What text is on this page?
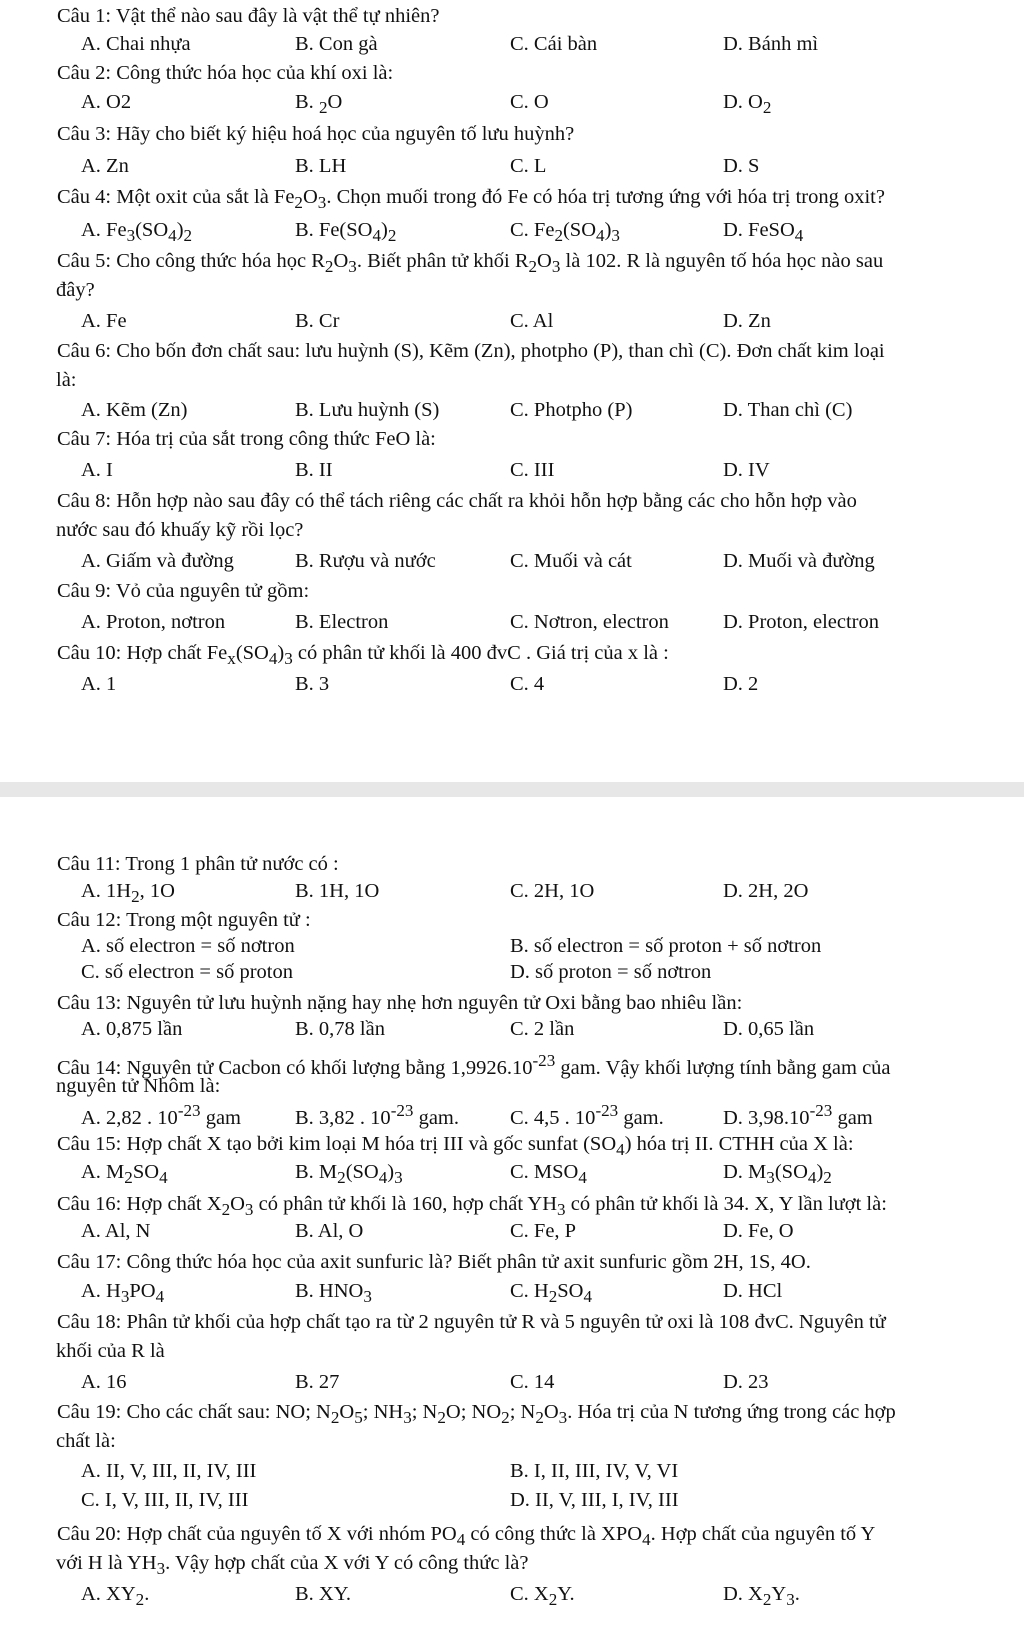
Câu 1: Vật thể nào sau đây là vật thể tự nhiên?
A. Chai nhựa	B. Con gà	C. Cái bàn	D. Bánh mì
Câu 2: Công thức hóa học của khí oxi là:
A. O2	B. $_2$O	C. O	D. $O_2$
Câu 3: Hãy cho biết ký hiệu hoá học của nguyên tố lưu huỳnh?
A. Zn	B. LH	C. L	D. S
Câu 4: Một oxit của sắt là $Fe_2O_3$. Chọn muối trong đó Fe có hóa trị tương ứng với hóa trị trong oxit?
A. $Fe_3(SO_4)_2$	B. $Fe(SO_4)_2$	C. $Fe_2(SO_4)_3$	D. FeSO$_4$
Câu 5: Cho công thức hóa học $R_2O_3$. Biết phân tử khối $R_2O_3$ là 102. R là nguyên tố hóa học nào sau
đây?
A. Fe	B. Cr	C. Al	D. Zn
Câu 6: Cho bốn đơn chất sau: lưu huỳnh (S), Kẽm (Zn), photpho (P), than chì (C). Đơn chất kim loại
là:
A. Kẽm (Zn)	B. Lưu huỳnh (S)	C. Photpho (P)	D. Than chì (C)
Câu 7: Hóa trị của sắt trong công thức FeO là:
A. I	B. II	C. III	D. IV
Câu 8: Hỗn hợp nào sau đây có thể tách riêng các chất ra khỏi hỗn hợp bằng các cho hỗn hợp vào
nước sau đó khuấy kỹ rồi lọc?
A. Giấm và đường	B. Rượu và nước	C. Muối và cát	D. Muối và đường
Câu 9: Vỏ của nguyên tử gồm:
A. Proton, nơtron	B. Electron	C. Nơtron, electron	D. Proton, electron
Câu 10: Hợp chất $Fe_x(SO_4)_3$ có phân tử khối là 400 đvC . Giá trị của x là :
A. 1	B. 3	C. 4	D. 2
Câu 11: Trong 1 phân tử nước có :
A. $1H_2$, 1O	B. 1H, 1O	C. 2H, 1O	D. 2H, 2O
Câu 12: Trong một nguyên tử :
A. số electron = số nơtron	B. số electron = số proton + số nơtron
C. số electron = số proton	D. số proton = số nơtron
Câu 13: Nguyên tử lưu huỳnh nặng hay nhẹ hơn nguyên tử Oxi bằng bao nhiêu lần:
A. 0,875 lần	B. 0,78 lần	C. 2 lần	D. 0,65 lần
Câu 14: Nguyên tử Cacbon có khối lượng bằng $1,9926.10^{-23}$ gam. Vậy khối lượng tính bằng gam của
nguyên tử Nhôm là:
A. 2,82 . $10^{-23}$ gam	B. 3,82 . $10^{-23}$ gam. C. 4,5 . $10^{-23}$ gam.	D. $3,98.10^{-23}$ gam
Câu 15: Hợp chất X tạo bởi kim loại M hóa trị III và gốc sunfat $(SO_4)$ hóa trị II. CTHH của X là:
A. $M_2SO_4$	B. $M_2(SO_4)_3$	C. $MSO_4$	D. $M_3(SO_4)_2$
Câu 16: Hợp chất $X_2O_3$ có phân tử khối là 160, hợp chất $YH_3$ có phân tử khối là 34. X, Y lần lượt là:
A. Al, N	B. Al, O	C. Fe, P	D. Fe, O
Câu 17: Công thức hóa học của axit sunfuric là? Biết phân tử axit sunfuric gồm 2H, 1S, 4O.
A. $H_3PO_4$	B. $HNO_3$	C. $H_2SO_4$	D. HCl
Câu 18: Phân tử khối của hợp chất tạo ra từ 2 nguyên tử R và 5 nguyên tử oxi là 108 đvC. Nguyên tử
khối của R là
A. 16	B. 27	C. 14	D. 23
Câu 19: Cho các chất sau: NO; $N_2O_5$; $NH_3$; $N_2O$; $NO_2$; $N_2O_3$. Hóa trị của N tương ứng trong các hợp
chất là:
A. II, V, III, II, IV, III	B. I, II, III, IV, V, VI
C. I, V, III, II, IV, III	D. II, V, III, I, IV, III
Câu 20: Hợp chất của nguyên tố X với nhóm $PO_4$ có công thức là $XPO_4$. Hợp chất của nguyên tố Y
với H là $YH_3$. Vậy hợp chất của X với Y có công thức là?
A. $XY_2$.	B. XY.	C. $X_2Y$.	D. $X_2Y_3$.
